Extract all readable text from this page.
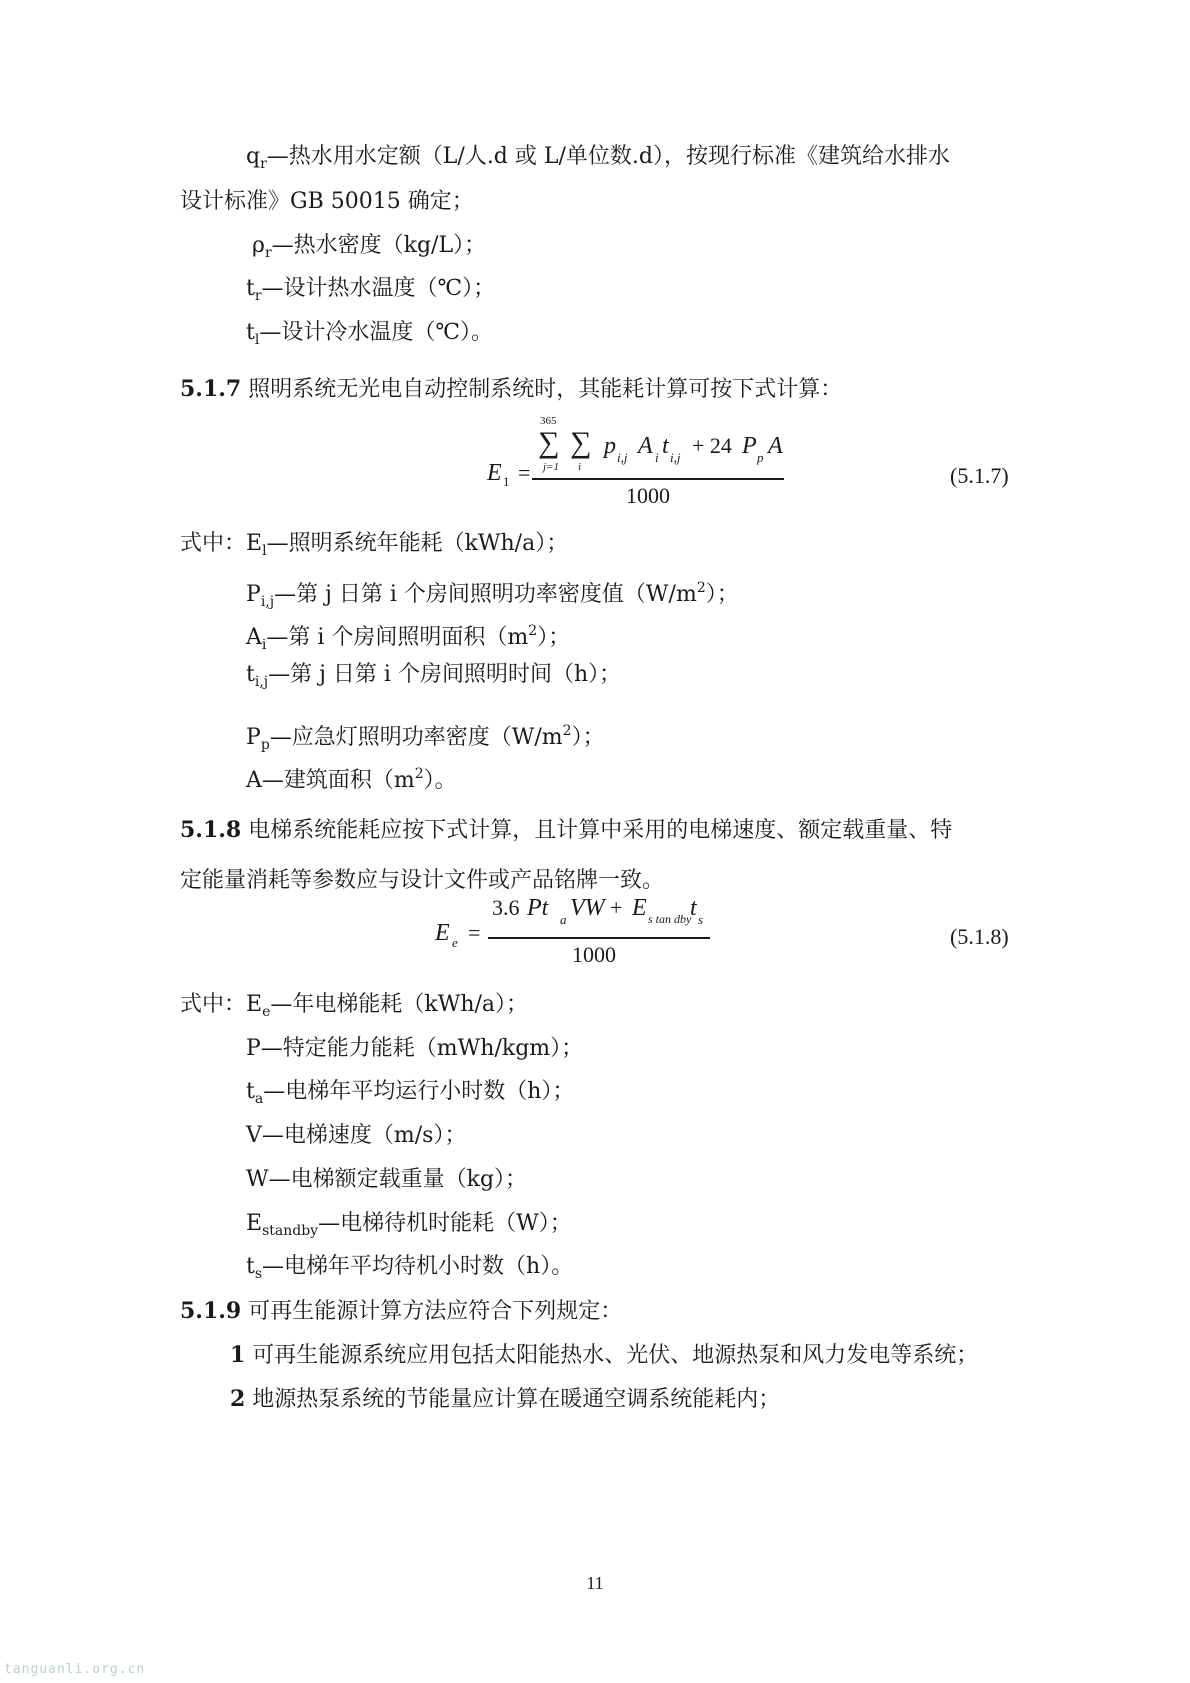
$q_r—$热水用水定额（L/人.d 或 L/单位数.d），按现行标准《建筑给水排水
设计标准》GB 50015 确定；
$\rho_r—$热水密度（kg/L）；
$t_r—$设计热水温度（℃）；
$t_l—$设计冷水温度（℃）。
5.1.7 照明系统无光电自动控制系统时，其能耗计算可按下式计算：
E 1 =
365
∑
j=1
∑
i
p i,j A i t i,j + 24 P p A
1000
(5.1.7)
式中：$E_l—$照明系统年能耗（kWh/a）；
$P_{i,j}—$第 j 日第 i 个房间照明功率密度值$(W/m^2)$；
$A_i—$第 i 个房间照明面积$(m^2)$；
$t_{i,j}—$第 j 日第 i 个房间照明时间（h）；
$P_p—$应急灯照明功率密度$(W/m^2)$；
A—建筑面积$(m^2)$。
5.1.8 电梯系统能耗应按下式计算，且计算中采用的电梯速度、额定载重量、特
定能量消耗等参数应与设计文件或产品铭牌一致。
E e =
3.6 Pt a VW + E s tan dby
t s
1000
(5.1.8)
式中：$E_e—$年电梯能耗（kWh/a）；
P—特定能力能耗（mWh/kgm）；
$t_a—$电梯年平均运行小时数（h）；
V—电梯速度（m/s）；
W—电梯额定载重量（kg）；
$E_{standby}—$电梯待机时能耗（W）；
$t_s—$电梯年平均待机小时数（h）。
5.1.9 可再生能源计算方法应符合下列规定：
1 可再生能源系统应用包括太阳能热水、光伏、地源热泵和风力发电等系统；
2 地源热泵系统的节能量应计算在暖通空调系统能耗内；
11
tanguanli.org.cn
